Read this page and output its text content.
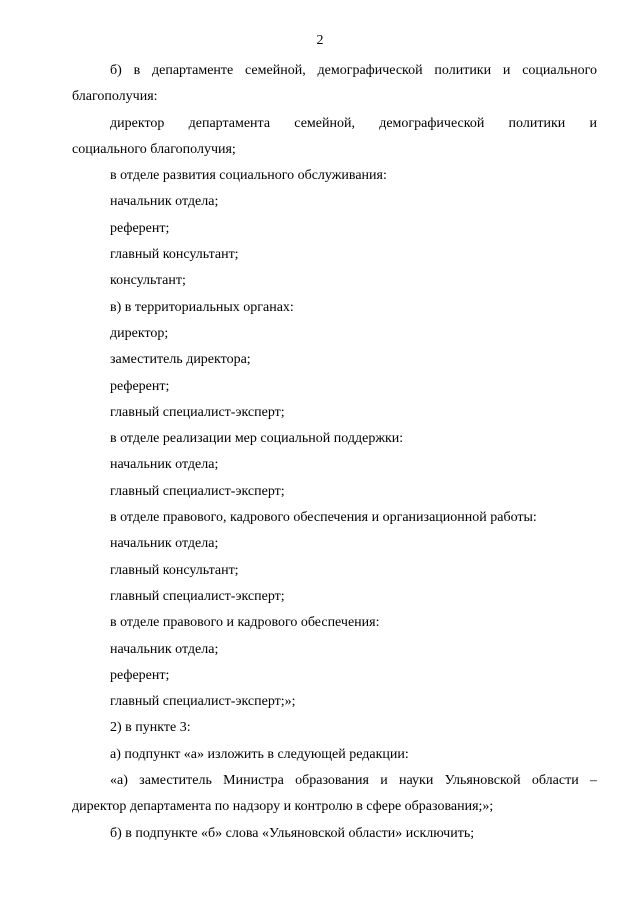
2
б) в департаменте семейной, демографической политики и социального
благополучия:
директор департамента семейной, демографической политики и
социального благополучия;
в отделе развития социального обслуживания:
начальник отдела;
референт;
главный консультант;
консультант;
в) в территориальных органах:
директор;
заместитель директора;
референт;
главный специалист-эксперт;
в отделе реализации мер социальной поддержки:
начальник отдела;
главный специалист-эксперт;
в отделе правового, кадрового обеспечения и организационной работы:
начальник отдела;
главный консультант;
главный специалист-эксперт;
в отделе правового и кадрового обеспечения:
начальник отдела;
референт;
главный специалист-эксперт;»;
2) в пункте 3:
а) подпункт «а» изложить в следующей редакции:
«а) заместитель Министра образования и науки Ульяновской области –
директор департамента по надзору и контролю в сфере образования;»;
б) в подпункте «б» слова «Ульяновской области» исключить;
